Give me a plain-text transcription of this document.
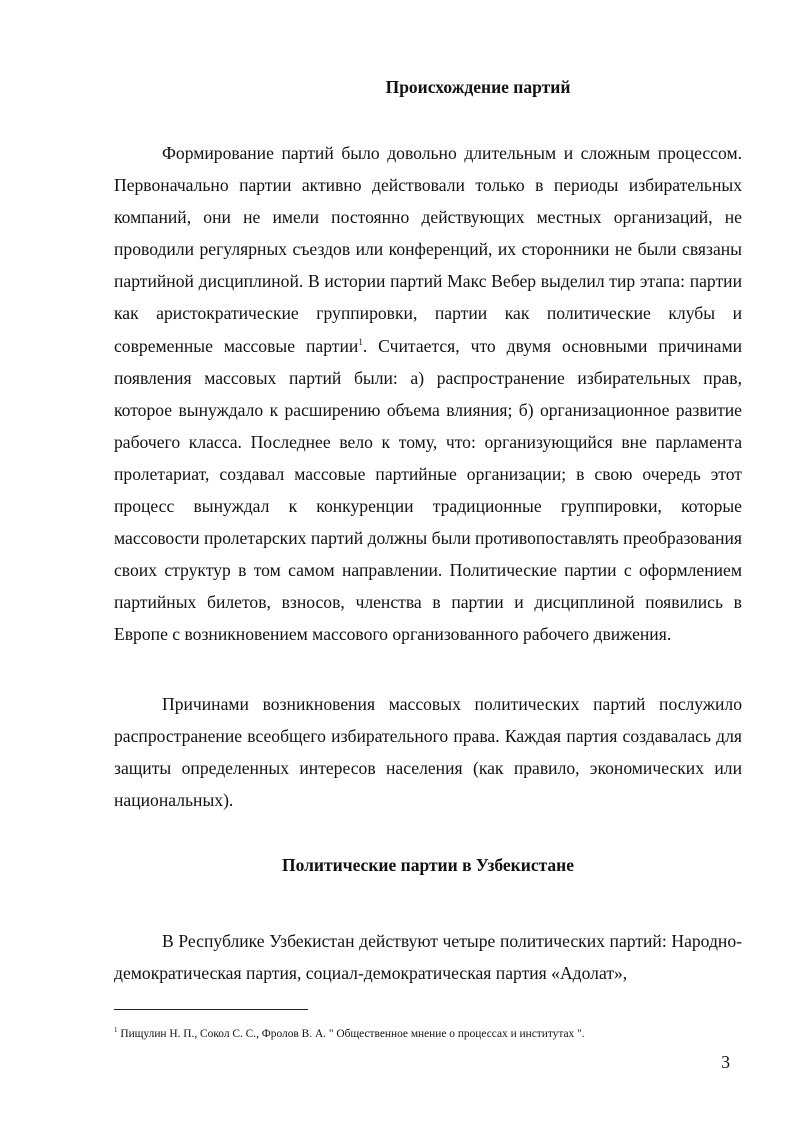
Происхождение партий

Формирование партий было довольно длительным и сложным процессом. Первоначально партии активно действовали только в периоды избирательных компаний, они не имели постоянно действующих местных организаций, не проводили регулярных съездов или конференций, их сторонники не были связаны партийной дисциплиной. В истории партий Макс Вебер выделил тир этапа: партии как аристократические группировки, партии как политические клубы и современные массовые партии$^1$. Считается, что двумя основными причинами появления массовых партий были: а) распространение избирательных прав, которое вынуждало к расширению объема влияния; б) организационное развитие рабочего класса. Последнее вело к тому, что: организующийся вне парламента пролетариат, создавал массовые партийные организации; в свою очередь этот процесс вынуждал к конкуренции традиционные группировки, которые массовости пролетарских партий должны были противопоставлять преобразования своих структур в том самом направлении. Политические партии с оформлением партийных билетов, взносов, членства в партии и дисциплиной появились в Европе с возникновением массового организованного рабочего движения.

Причинами возникновения массовых политических партий послужило распространение всеобщего избирательного права. Каждая партия создавалась для защиты определенных интересов населения (как правило, экономических или национальных).

Политические партии в Узбекистане

В Республике Узбекистан действуют четыре политических партий: Народно-демократическая партия, социал-демократическая партия «Адолат»,

$^1$ Пищулин Н. П., Сокол С. С., Фролов В. А. " Общественное мнение о процессах и институтах ".

3
